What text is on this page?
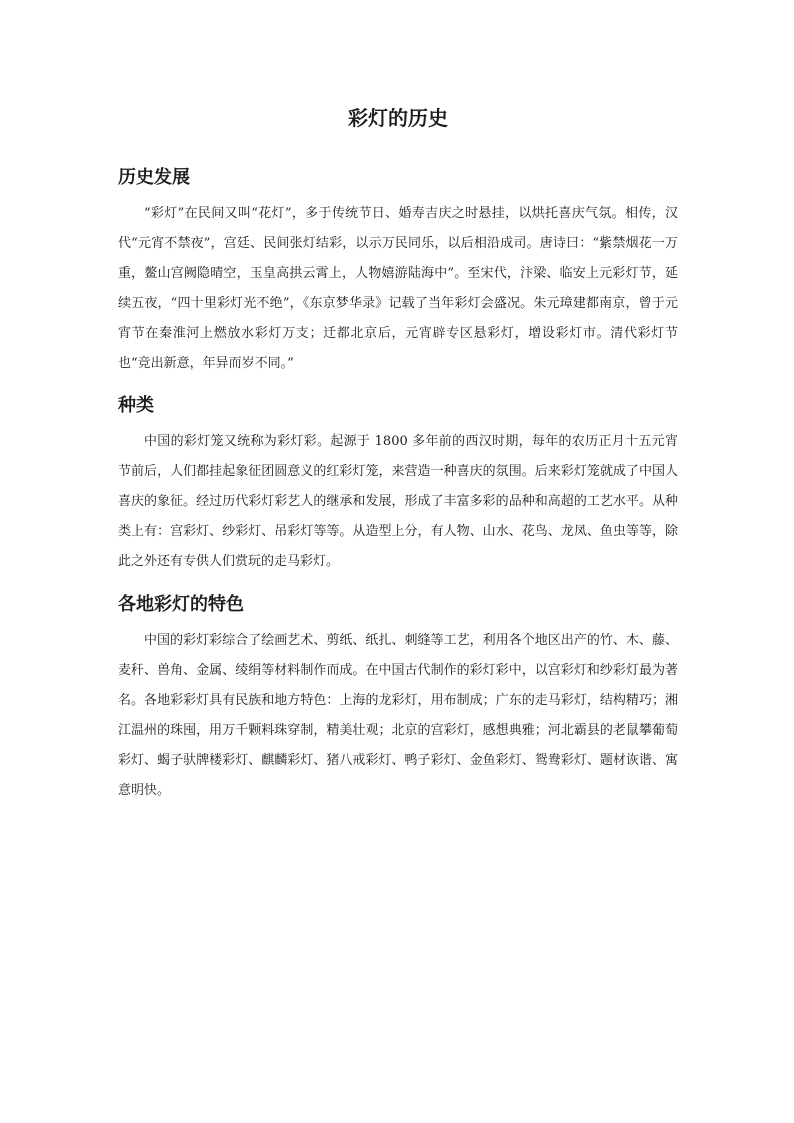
彩灯的历史
历史发展

“彩灯”在民间又叫“花灯”，多于传统节日、婚寿吉庆之时悬挂，以烘托喜庆气氛。相传，汉代“元宵不禁夜”，宫廷、民间张灯结彩，以示万民同乐，以后相沿成司。唐诗曰：“紫禁烟花一万重，鳌山宫阙隐晴空，玉皇高拱云霄上，人物嬉游陆海中”。至宋代，汴梁、临安上元彩灯节，延续五夜，“四十里彩灯光不绝”，《东京梦华录》记载了当年彩灯会盛况。朱元璋建都南京，曾于元宵节在秦淮河上燃放水彩灯万支；迁都北京后，元宵辟专区悬彩灯，增设彩灯市。清代彩灯节也“竞出新意，年异而岁不同。”

种类

中国的彩灯笼又统称为彩灯彩。起源于 1800 多年前的西汉时期，每年的农历正月十五元宵节前后，人们都挂起象征团圆意义的红彩灯笼，来营造一种喜庆的氛围。后来彩灯笼就成了中国人喜庆的象征。经过历代彩灯彩艺人的继承和发展，形成了丰富多彩的品种和高超的工艺水平。从种类上有：宫彩灯、纱彩灯、吊彩灯等等。从造型上分，有人物、山水、花鸟、龙凤、鱼虫等等，除此之外还有专供人们赏玩的走马彩灯。

各地彩灯的特色

中国的彩灯彩综合了绘画艺术、剪纸、纸扎、刺缝等工艺，利用各个地区出产的竹、木、藤、麦秆、兽角、金属、绫绢等材料制作而成。在中国古代制作的彩灯彩中，以宫彩灯和纱彩灯最为著名。各地彩彩灯具有民族和地方特色：上海的龙彩灯，用布制成；广东的走马彩灯，结构精巧；湘江温州的珠囤，用万千颗料珠穿制，精美壮观；北京的宫彩灯，感想典雅；河北霸县的老鼠攀葡萄彩灯、蝎子驮牌楼彩灯、麒麟彩灯、猪八戒彩灯、鸭子彩灯、金鱼彩灯、鸳鸯彩灯、题材诙谐、寓意明快。
